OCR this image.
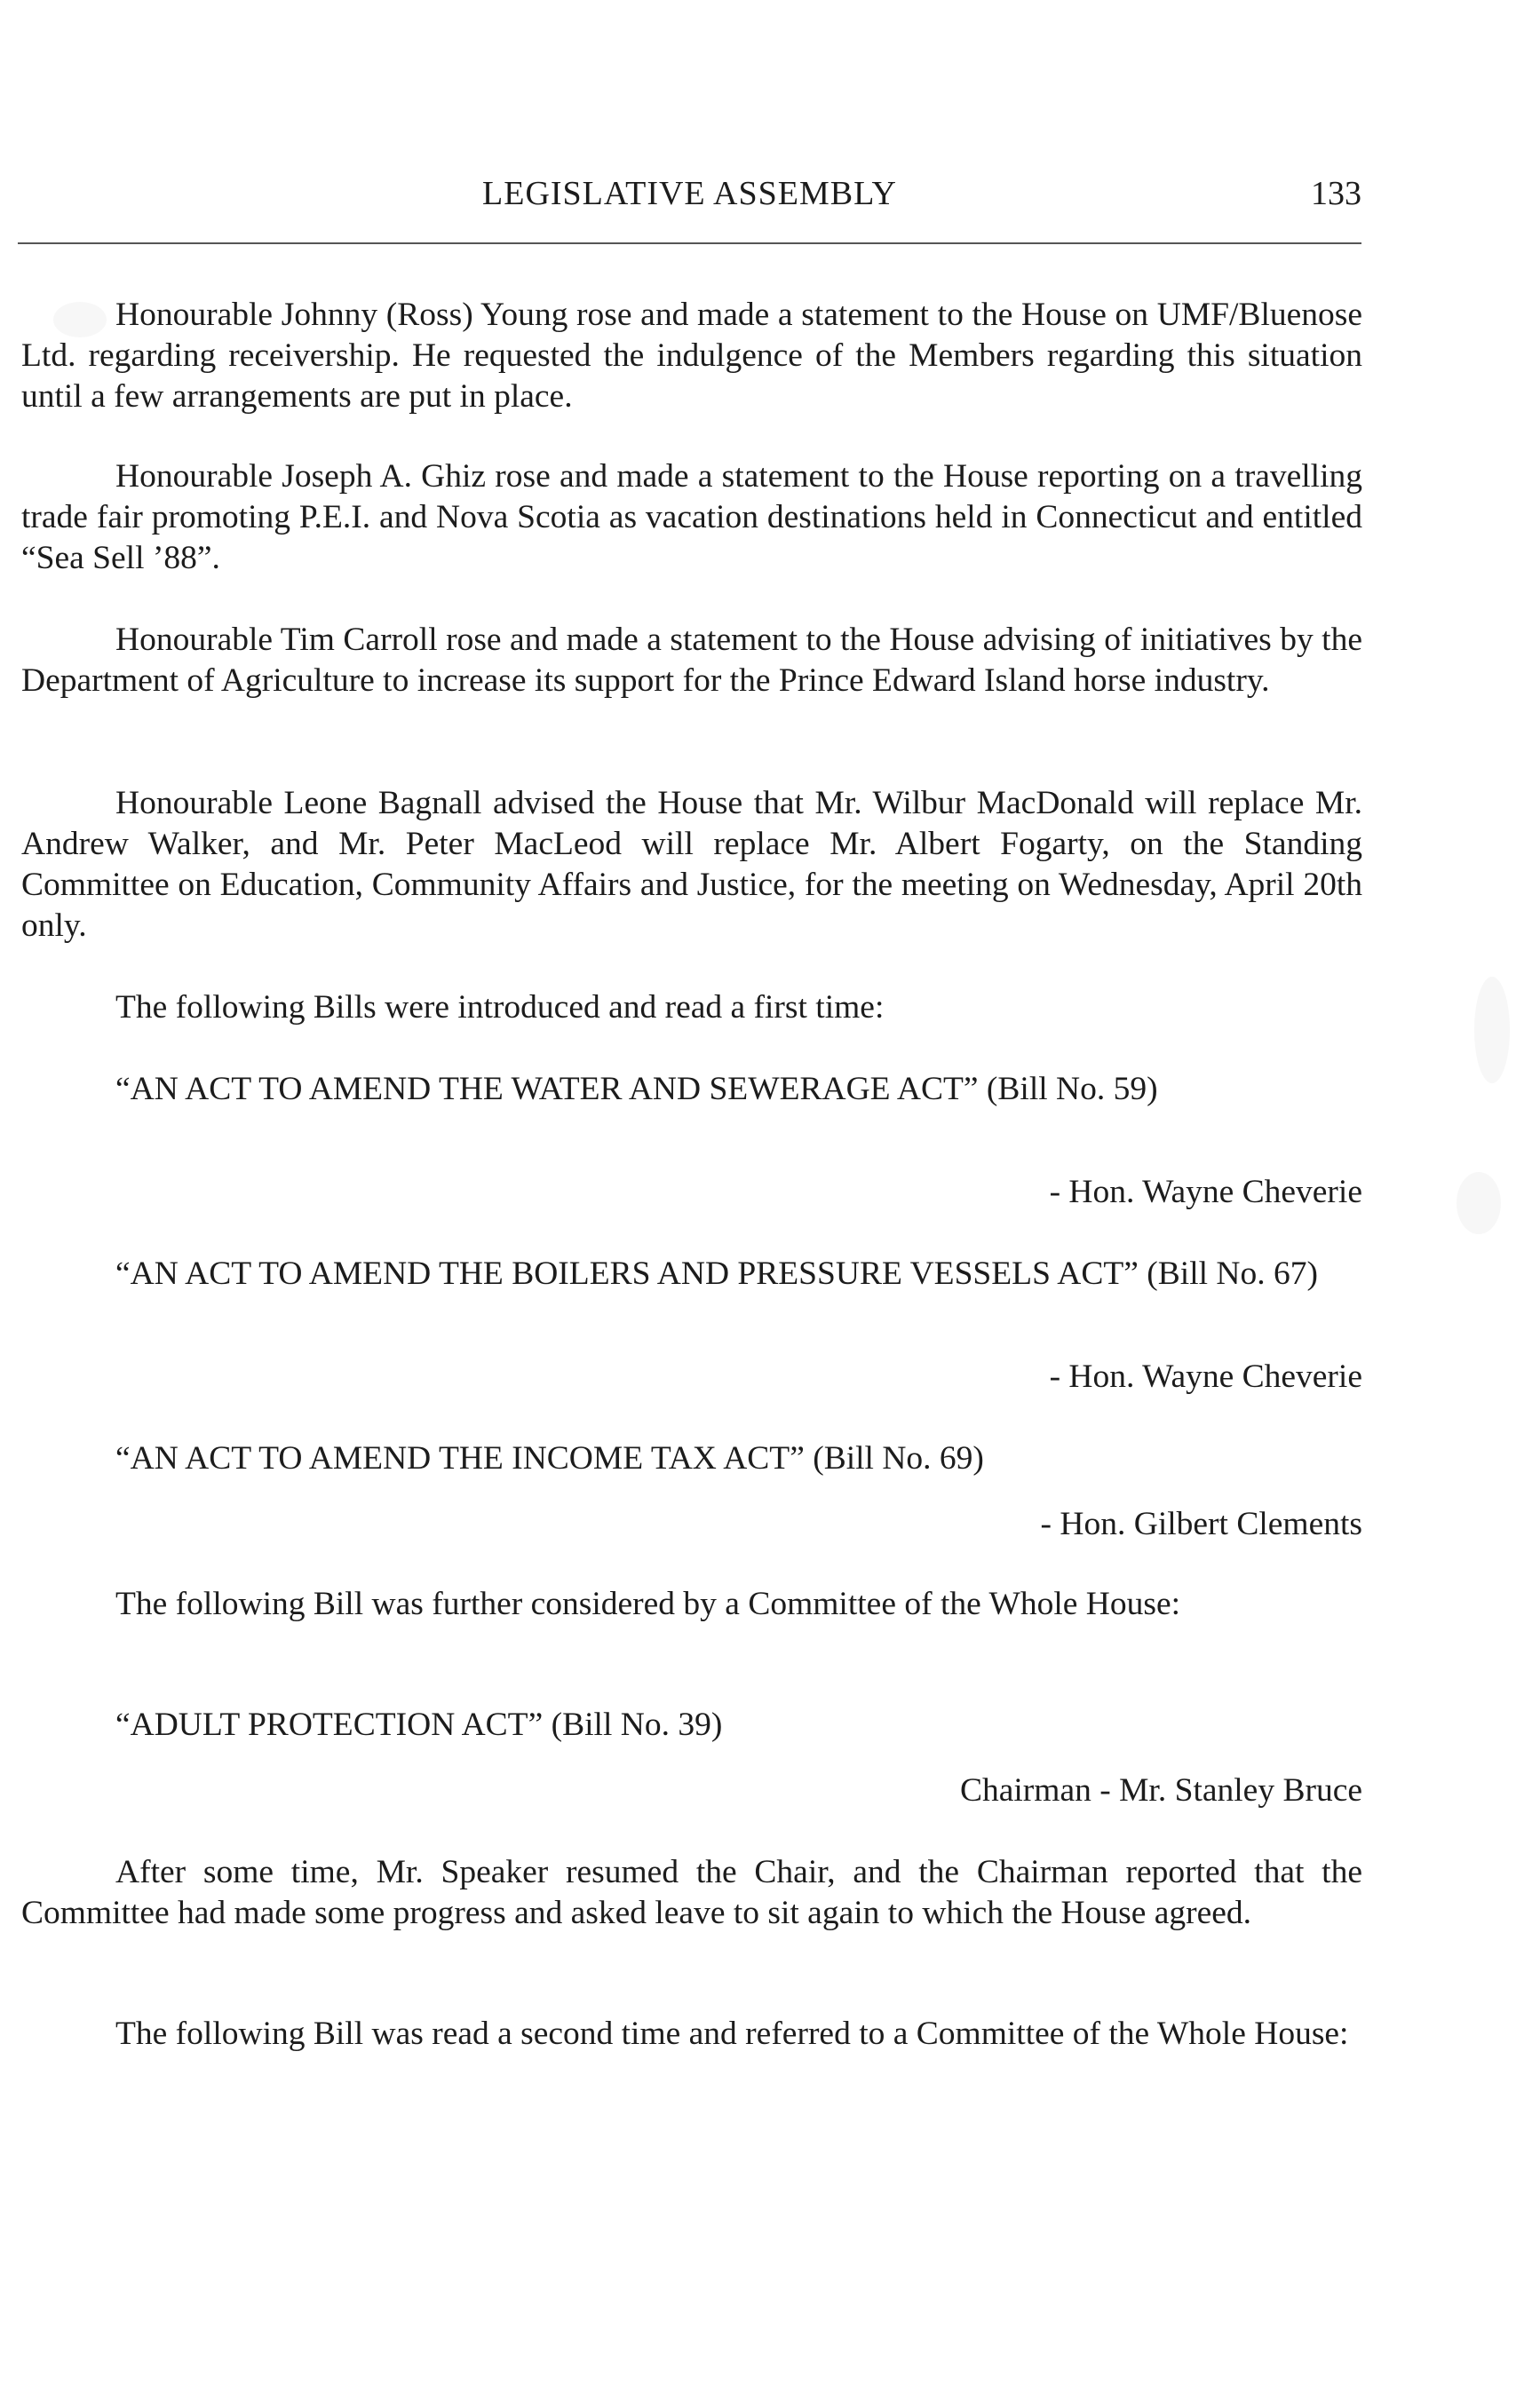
LEGISLATIVE ASSEMBLY	133

Honourable Johnny (Ross) Young rose and made a statement to the House on UMF/Bluenose Ltd. regarding receivership. He requested the indulgence of the Members regarding this situation until a few arrangements are put in place.

Honourable Joseph A. Ghiz rose and made a statement to the House reporting on a travelling trade fair promoting P.E.I. and Nova Scotia as vacation destinations held in Connecticut and entitled “Sea Sell ’88”.

Honourable Tim Carroll rose and made a statement to the House advising of initiatives by the Department of Agriculture to increase its support for the Prince Edward Island horse industry.

Honourable Leone Bagnall advised the House that Mr. Wilbur MacDonald will replace Mr. Andrew Walker, and Mr. Peter MacLeod will replace Mr. Albert Fogarty, on the Standing Committee on Education, Community Affairs and Justice, for the meeting on Wednesday, April 20th only.

The following Bills were introduced and read a first time:

“AN ACT TO AMEND THE WATER AND SEWERAGE ACT” (Bill No. 59)

- Hon. Wayne Cheverie

“AN ACT TO AMEND THE BOILERS AND PRESSURE VESSELS ACT” (Bill No. 67)

- Hon. Wayne Cheverie

“AN ACT TO AMEND THE INCOME TAX ACT” (Bill No. 69)

- Hon. Gilbert Clements

The following Bill was further considered by a Committee of the Whole House:

“ADULT PROTECTION ACT” (Bill No. 39)

Chairman - Mr. Stanley Bruce

After some time, Mr. Speaker resumed the Chair, and the Chairman reported that the Committee had made some progress and asked leave to sit again to which the House agreed.

The following Bill was read a second time and referred to a Committee of the Whole House:
